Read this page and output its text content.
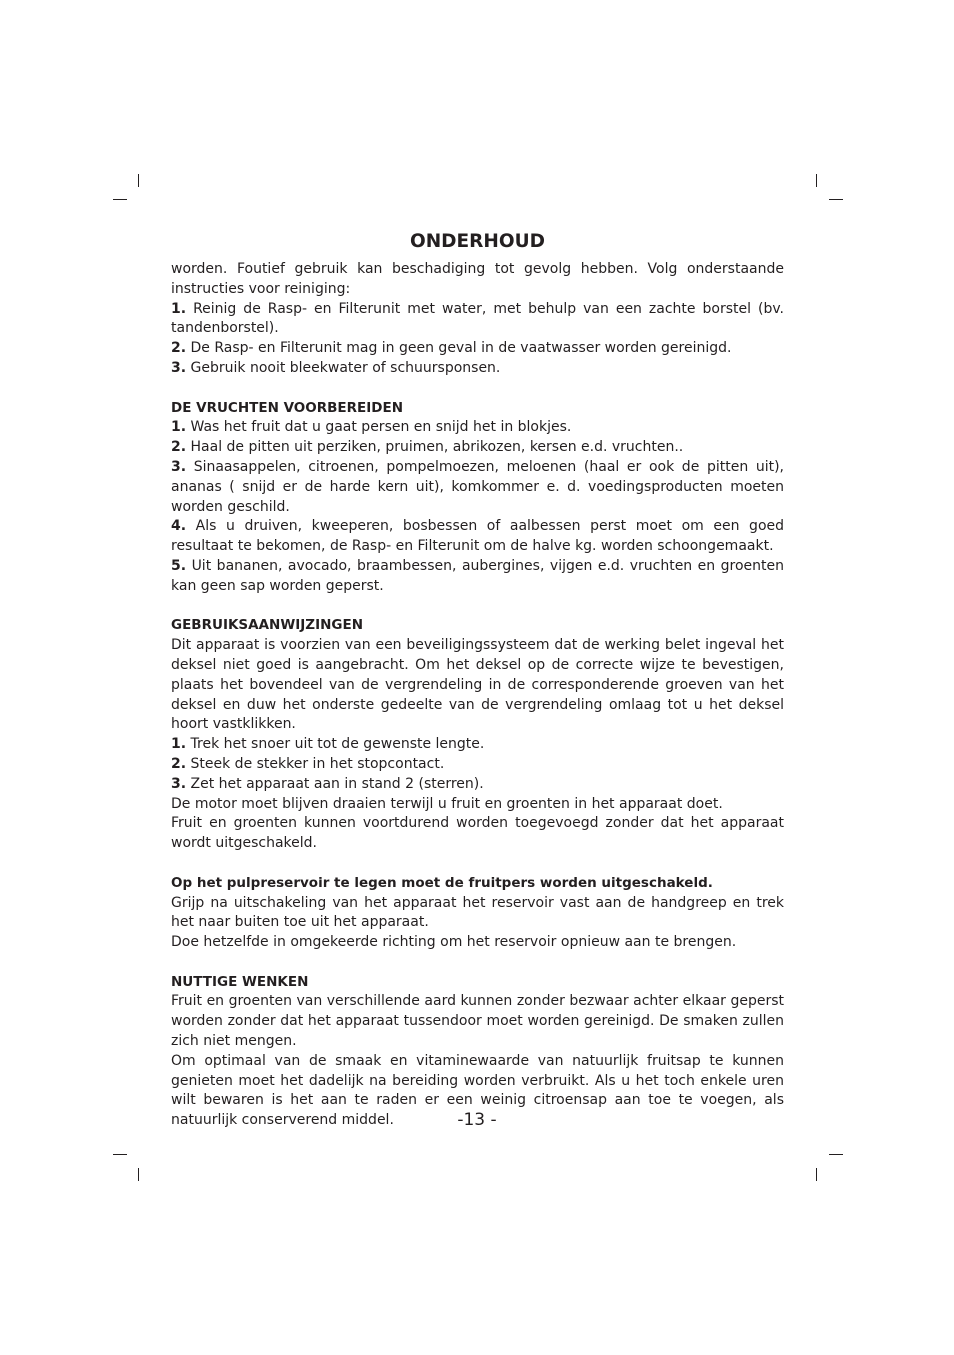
ONDERHOUD

worden. Foutief gebruik kan beschadiging tot gevolg hebben. Volg onderstaande instructies voor reiniging:

1. Reinig de Rasp- en Filterunit met water, met behulp van een zachte borstel (bv. tandenborstel).

2. De Rasp- en Filterunit mag in geen geval in de vaatwasser worden gereinigd.

3. Gebruik nooit bleekwater of schuursponsen.

DE VRUCHTEN VOORBEREIDEN

1. Was het fruit dat u gaat persen en snijd het in blokjes.

2. Haal de pitten uit perziken, pruimen, abrikozen, kersen e.d. vruchten..

3. Sinaasappelen, citroenen, pompelmoezen, meloenen (haal er ook de pitten uit), ananas ( snijd er de harde kern uit), komkommer e. d. voedingsproducten moeten worden geschild.

4. Als u druiven, kweeperen, bosbessen of aalbessen perst moet om een goed resultaat te bekomen, de Rasp- en Filterunit om de halve kg. worden schoongemaakt.

5. Uit bananen, avocado, braambessen, aubergines, vijgen e.d. vruchten en groenten kan geen sap worden geperst.

GEBRUIKSAANWIJZINGEN

Dit apparaat is voorzien van een beveiligingssysteem dat de werking belet ingeval het deksel niet goed is aangebracht. Om het deksel op de correcte wijze te bevestigen, plaats het bovendeel van de vergrendeling in de corresponderende groeven van het deksel en duw het onderste gedeelte van de vergrendeling omlaag tot u het deksel hoort vastklikken.

1. Trek het snoer uit tot de gewenste lengte.

2. Steek de stekker in het stopcontact.

3. Zet het apparaat aan in stand 2 (sterren).

De motor moet blijven draaien terwijl u fruit en groenten in het apparaat doet.

Fruit en groenten kunnen voortdurend worden toegevoegd zonder dat het apparaat wordt uitgeschakeld.

Op het pulpreservoir te legen moet de fruitpers worden uitgeschakeld.

Grijp na uitschakeling van het apparaat het reservoir vast aan de handgreep en trek het naar buiten toe uit het apparaat.

Doe hetzelfde in omgekeerde richting om het reservoir opnieuw aan te brengen.

NUTTIGE WENKEN

Fruit en groenten van verschillende aard kunnen zonder bezwaar achter elkaar geperst worden zonder dat het apparaat tussendoor moet worden gereinigd. De smaken zullen zich niet mengen.

Om optimaal van de smaak en vitaminewaarde van natuurlijk fruitsap te kunnen genieten moet het dadelijk na bereiding worden verbruikt. Als u het toch enkele uren wilt bewaren is het aan te raden er een weinig citroensap aan toe te voegen, als natuurlijk conserverend middel.	-13 -
